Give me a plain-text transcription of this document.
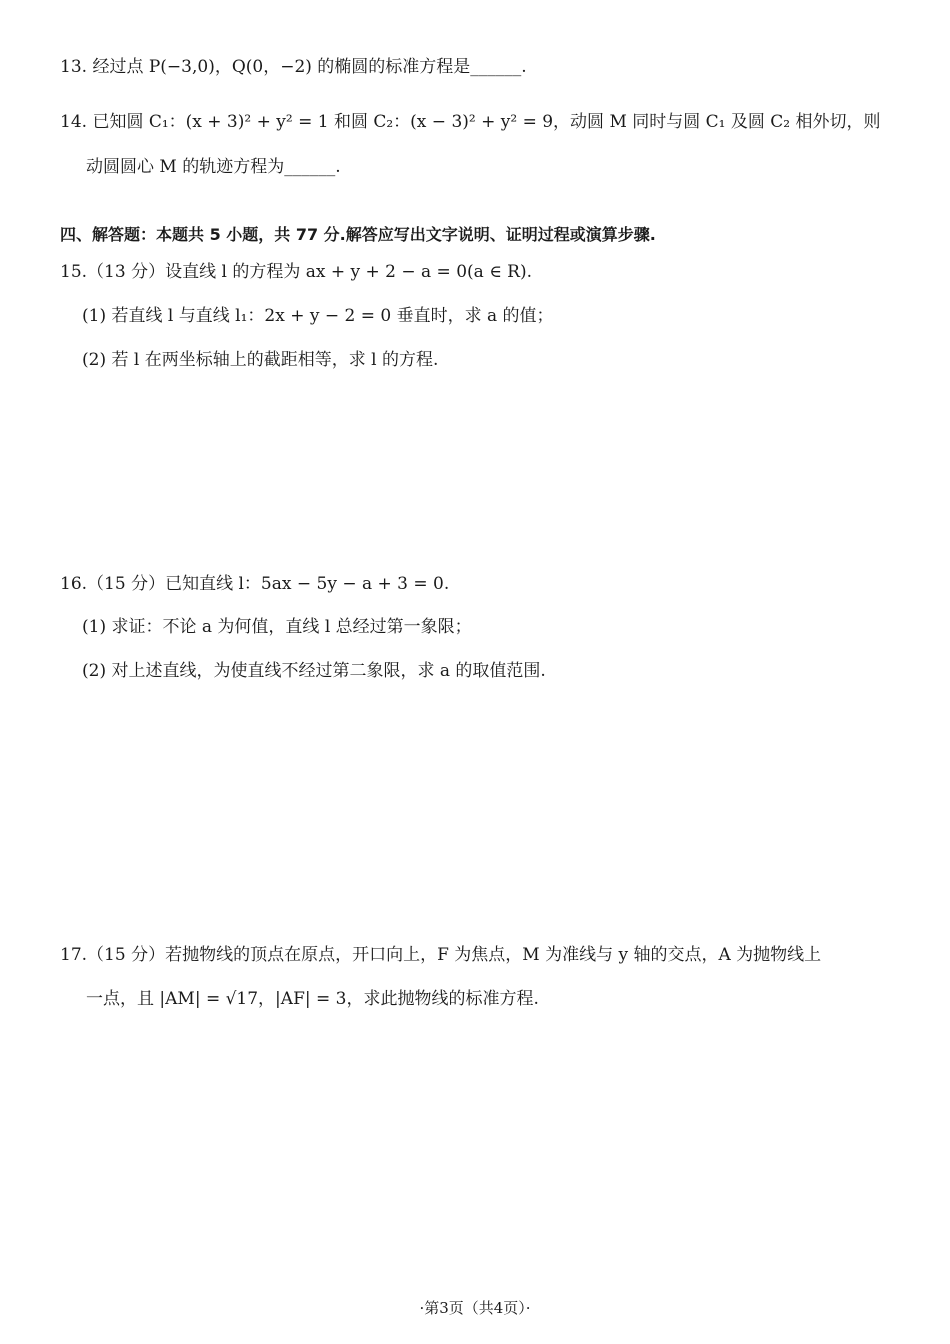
13. 经过点 P(−3,0)，Q(0，−2) 的椭圆的标准方程是______.
14. 已知圆 C₁：(x + 3)² + y² = 1 和圆 C₂：(x − 3)² + y² = 9，动圆 M 同时与圆 C₁ 及圆 C₂ 相外切，则
动圆圆心 M 的轨迹方程为______.
四、解答题：本题共 5 小题，共 77 分.解答应写出文字说明、证明过程或演算步骤.
15.（13 分）设直线 l 的方程为 ax + y + 2 − a = 0(a ∈ R).
(1) 若直线 l 与直线 l₁：2x + y − 2 = 0 垂直时，求 a 的值；
(2) 若 l 在两坐标轴上的截距相等，求 l 的方程.
16.（15 分）已知直线 l：5ax − 5y − a + 3 = 0.
(1) 求证：不论 a 为何值，直线 l 总经过第一象限；
(2) 对上述直线，为使直线不经过第二象限，求 a 的取值范围.
17.（15 分）若抛物线的顶点在原点，开口向上，F 为焦点，M 为准线与 y 轴的交点，A 为抛物线上
一点，且 |AM| = √17，|AF| = 3，求此抛物线的标准方程.
·第3页（共4页）·
